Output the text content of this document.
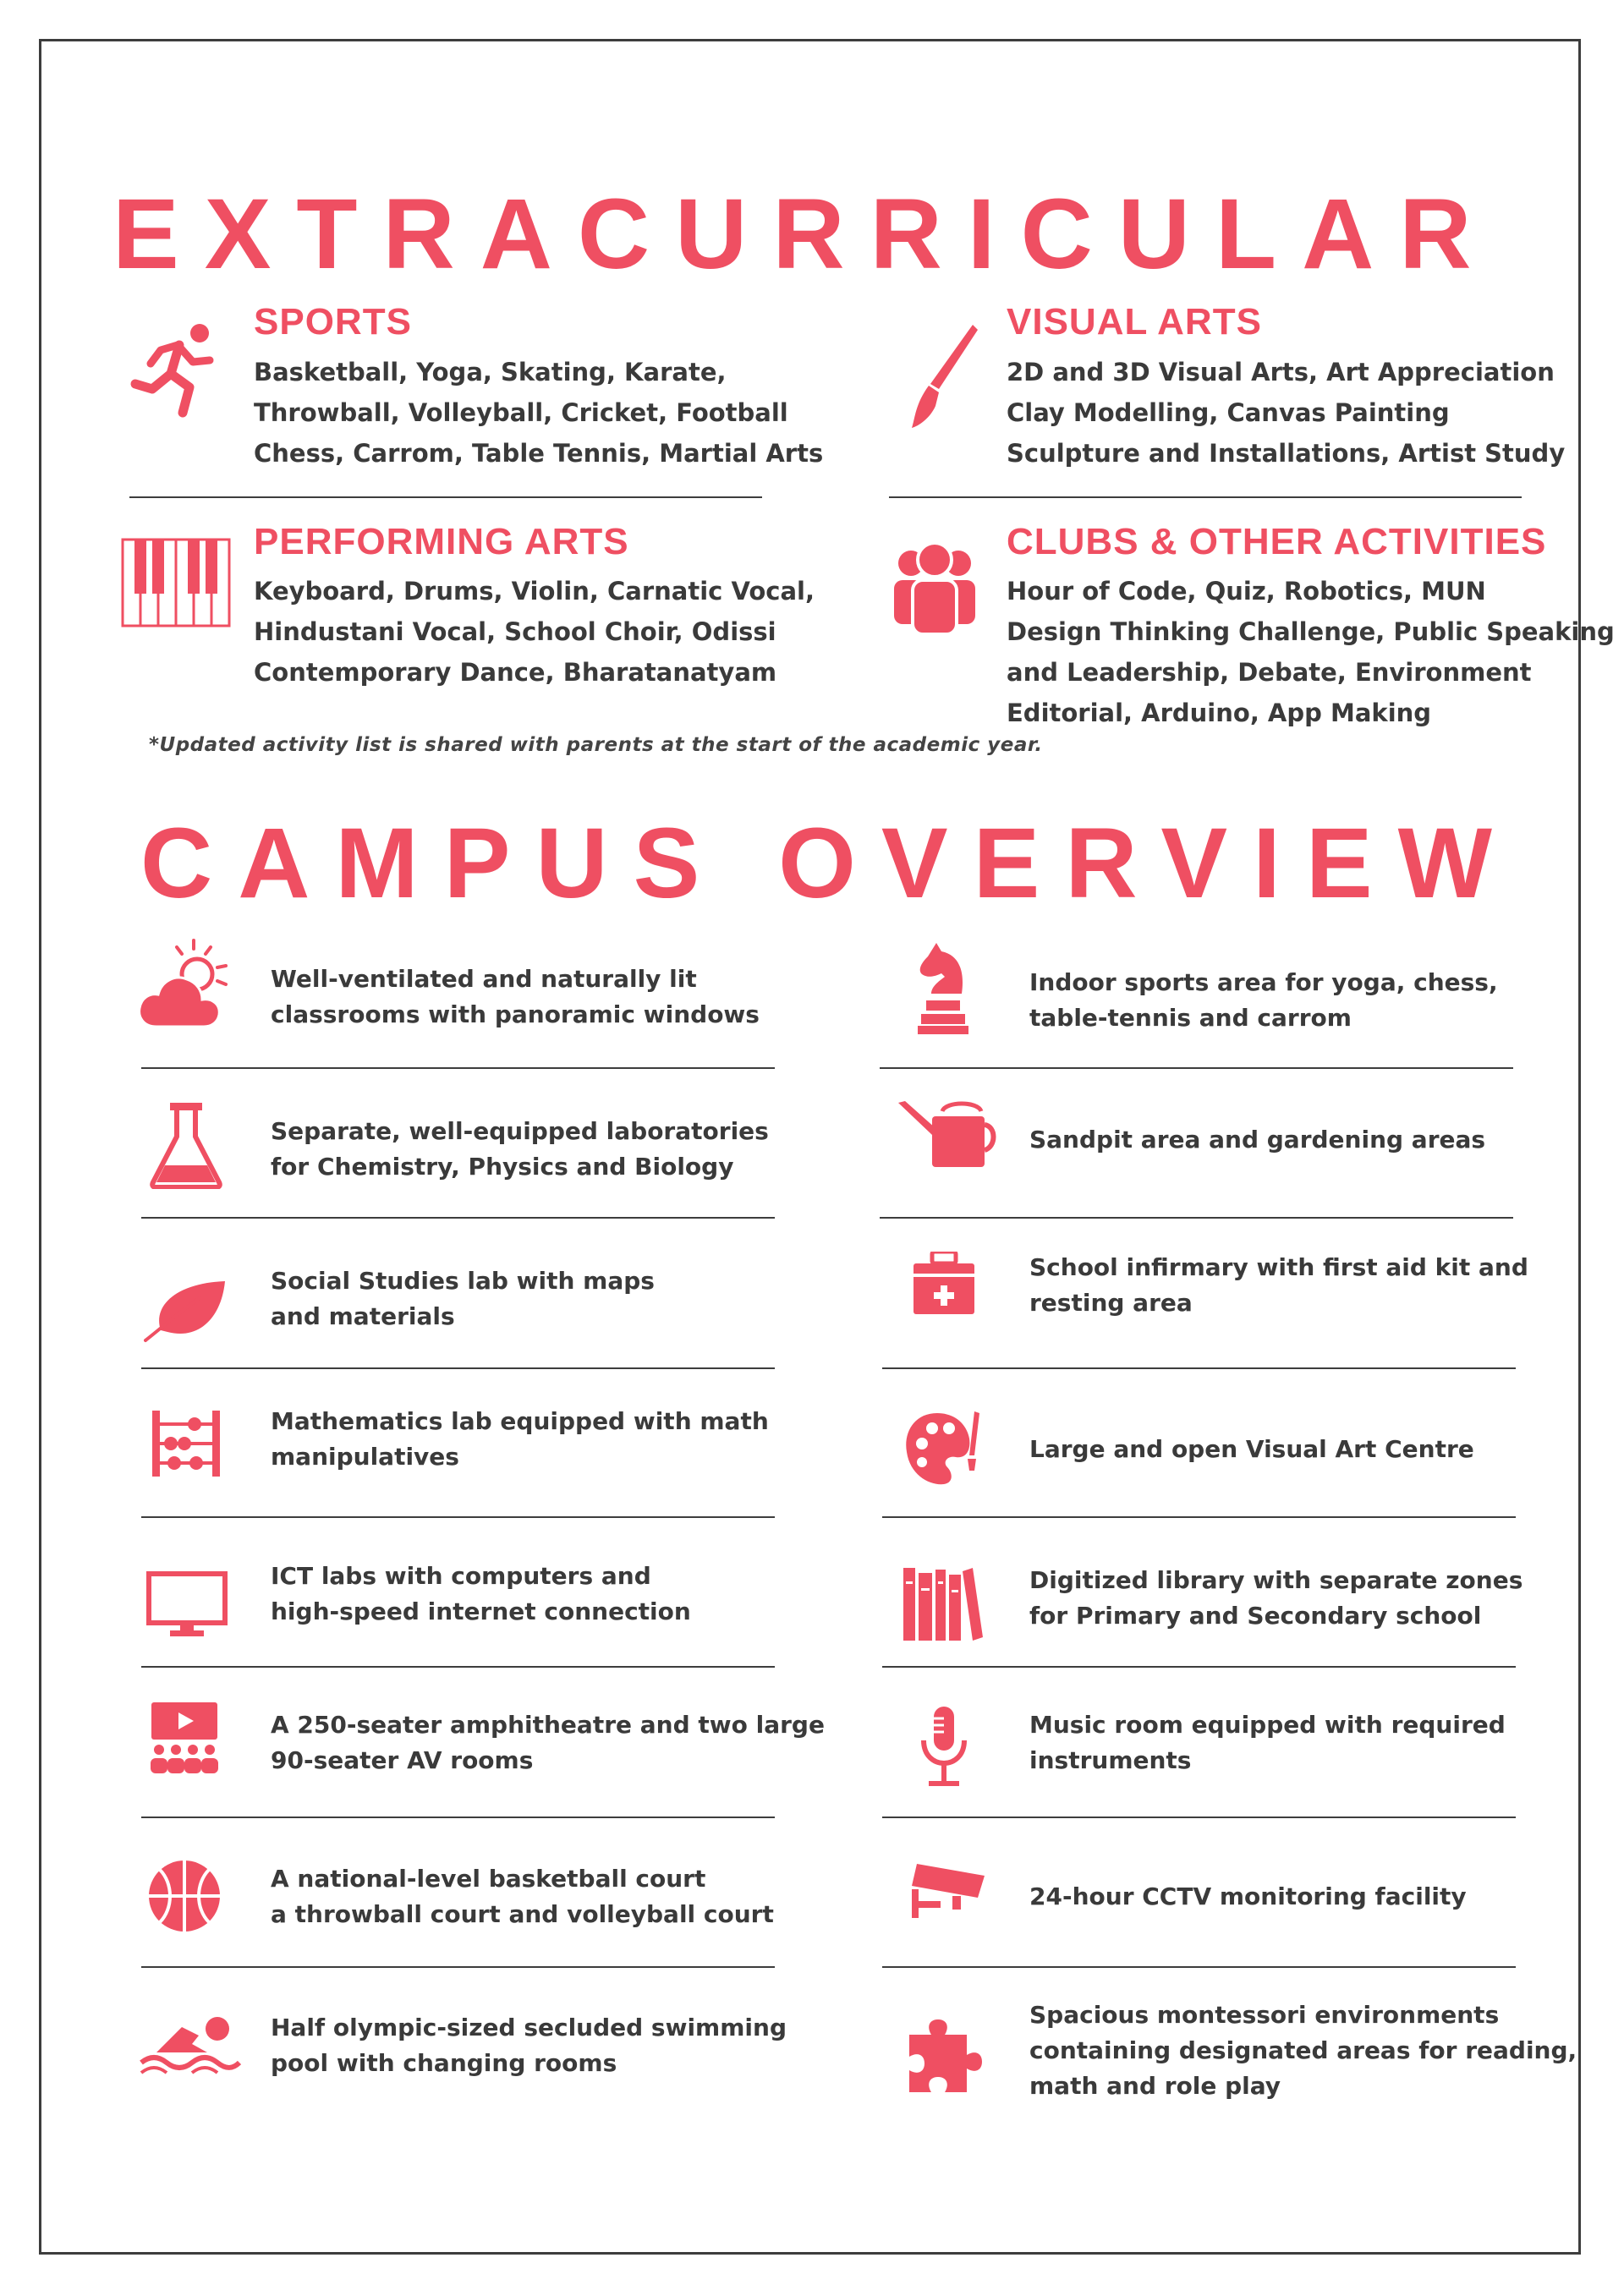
EXTRACURRICULAR
SPORTS
Basketball, Yoga, Skating, Karate,
Throwball, Volleyball, Cricket, Football
Chess, Carrom, Table Tennis, Martial Arts
VISUAL ARTS
2D and 3D Visual Arts, Art Appreciation
Clay Modelling, Canvas Painting
Sculpture and Installations, Artist Study
PERFORMING ARTS
Keyboard, Drums, Violin, Carnatic Vocal,
Hindustani Vocal, School Choir, Odissi
Contemporary Dance, Bharatanatyam
CLUBS & OTHER ACTIVITIES
Hour of Code, Quiz, Robotics, MUN
Design Thinking Challenge, Public Speaking
and Leadership, Debate, Environment
Editorial, Arduino, App Making
*Updated activity list is shared with parents at the start of the academic year.
CAMPUS OVERVIEW
Well-ventilated and naturally lit
classrooms with panoramic windows
Separate, well-equipped laboratories
for Chemistry, Physics and Biology
Social Studies lab with maps
and materials
Mathematics lab equipped with math
manipulatives
ICT labs with computers and
high-speed internet connection
A 250-seater amphitheatre and two large
90-seater AV rooms
A national-level basketball court
a throwball court and volleyball court
Half olympic-sized secluded swimming
pool with changing rooms
Indoor sports area for yoga, chess,
table-tennis and carrom
Sandpit area and gardening areas
School infirmary with first aid kit and
resting area
Large and open Visual Art Centre
Digitized library with separate zones
for Primary and Secondary school
Music room equipped with required
instruments
24-hour CCTV monitoring facility
Spacious montessori environments
containing designated areas for reading,
math and role play
